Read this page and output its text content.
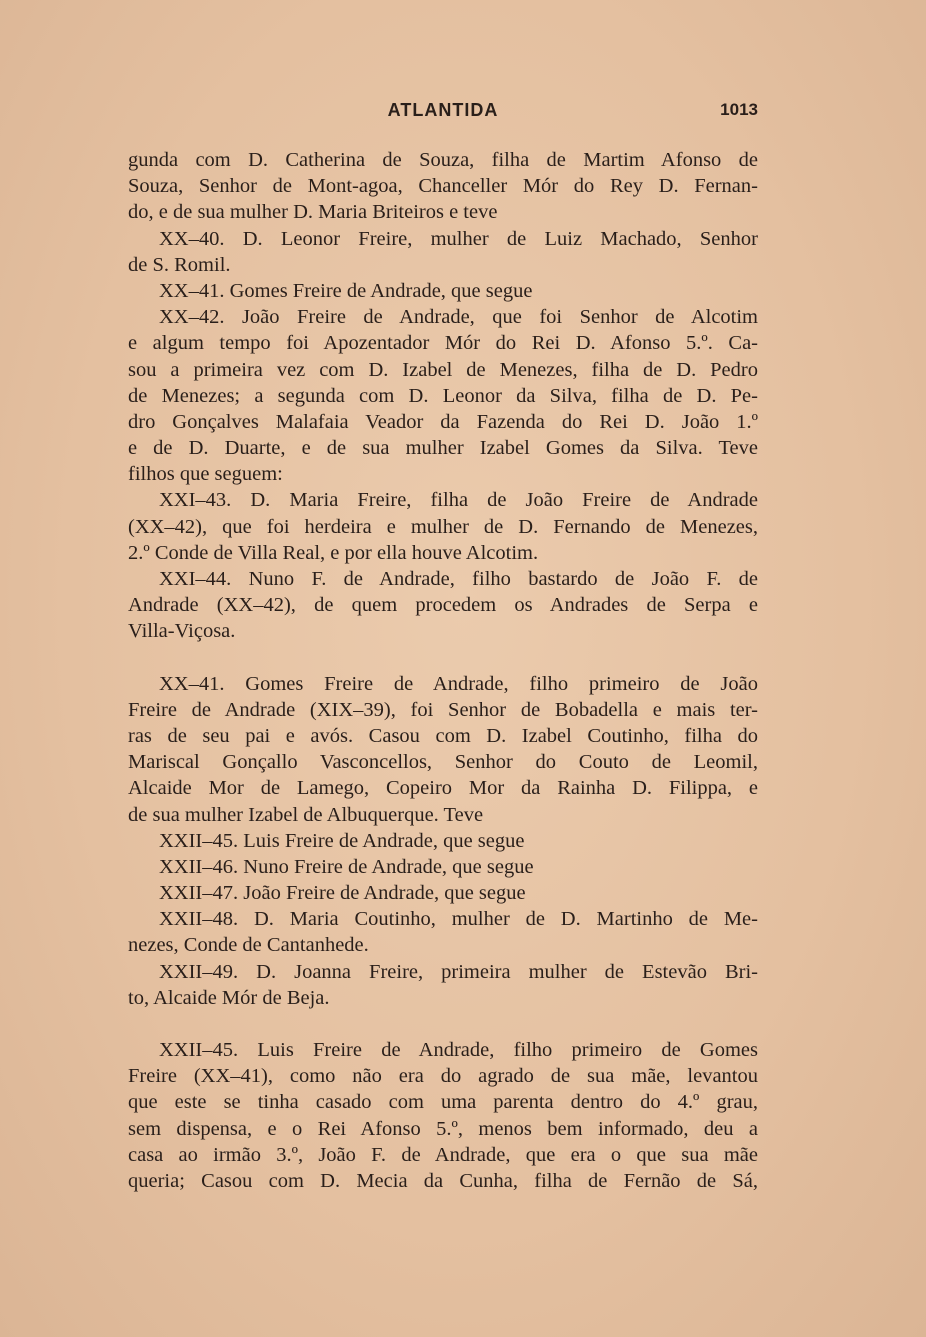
ATLANTIDA	1013
gunda com D. Catherina de Souza, filha de Martim Afonso de
Souza, Senhor de Mont-agoa, Chanceller Mór do Rey D. Fernan-
do, e de sua mulher D. Maria Briteiros e teve
XX–40. D. Leonor Freire, mulher de Luiz Machado, Senhor
de S. Romil.
XX–41. Gomes Freire de Andrade, que segue
XX–42. João Freire de Andrade, que foi Senhor de Alcotim
e algum tempo foi Apozentador Mór do Rei D. Afonso 5.º. Ca-
sou a primeira vez com D. Izabel de Menezes, filha de D. Pedro
de Menezes; a segunda com D. Leonor da Silva, filha de D. Pe-
dro Gonçalves Malafaia Veador da Fazenda do Rei D. João 1.º
e de D. Duarte, e de sua mulher Izabel Gomes da Silva. Teve
filhos que seguem:
XXI–43. D. Maria Freire, filha de João Freire de Andrade
(XX–42), que foi herdeira e mulher de D. Fernando de Menezes,
2.º Conde de Villa Real, e por ella houve Alcotim.
XXI–44. Nuno F. de Andrade, filho bastardo de João F. de
Andrade (XX–42), de quem procedem os Andrades de Serpa e
Villa-Viçosa.
XX–41. Gomes Freire de Andrade, filho primeiro de João
Freire de Andrade (XIX–39), foi Senhor de Bobadella e mais ter-
ras de seu pai e avós. Casou com D. Izabel Coutinho, filha do
Mariscal Gonçallo Vasconcellos, Senhor do Couto de Leomil,
Alcaide Mor de Lamego, Copeiro Mor da Rainha D. Filippa, e
de sua mulher Izabel de Albuquerque. Teve
XXII–45. Luis Freire de Andrade, que segue
XXII–46. Nuno Freire de Andrade, que segue
XXII–47. João Freire de Andrade, que segue
XXII–48. D. Maria Coutinho, mulher de D. Martinho de Me-
nezes, Conde de Cantanhede.
XXII–49. D. Joanna Freire, primeira mulher de Estevão Bri-
to, Alcaide Mór de Beja.
XXII–45. Luis Freire de Andrade, filho primeiro de Gomes
Freire (XX–41), como não era do agrado de sua mãe, levantou
que este se tinha casado com uma parenta dentro do 4.º grau,
sem dispensa, e o Rei Afonso 5.º, menos bem informado, deu a
casa ao irmão 3.º, João F. de Andrade, que era o que sua mãe
queria; Casou com D. Mecia da Cunha, filha de Fernão de Sá,
